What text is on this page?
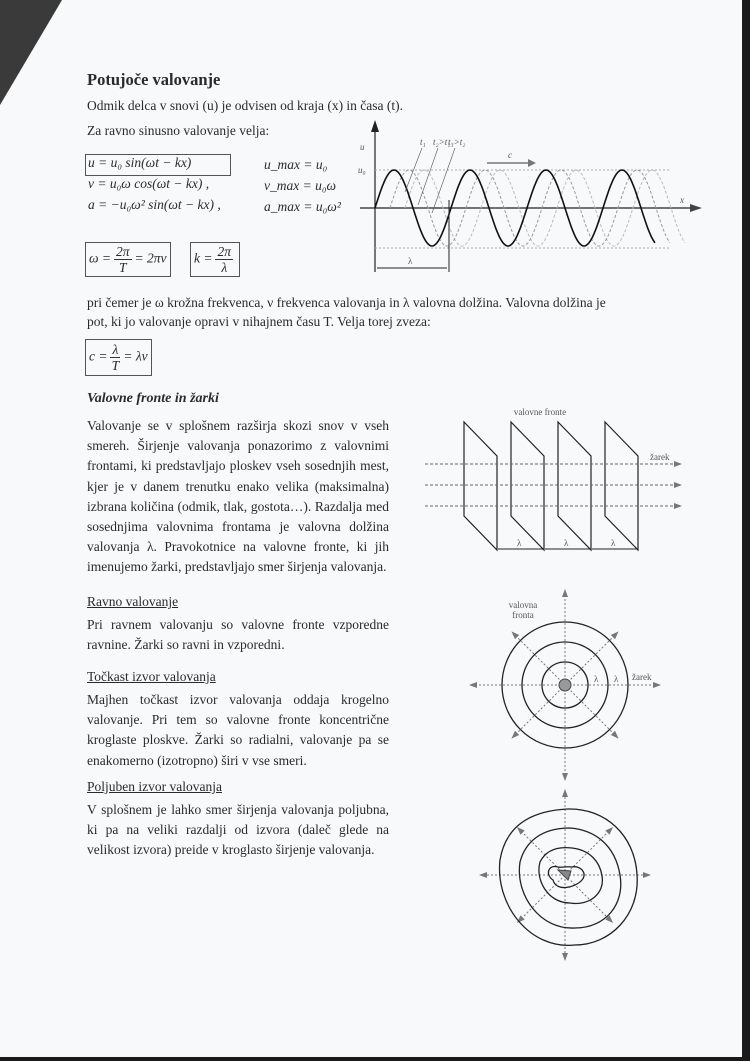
Potujoče valovanje
Odmik delca v snovi (u) je odvisen od kraja (x) in časa (t).
Za ravno sinusno valovanje velja:
u = u₀ sin(ωt − kx)
v = u₀ω cos(ωt − kx) ,
a = −u₀ω² sin(ωt − kx) ,
u_max = u₀
v_max = u₀ω
a_max = u₀ω²
$\omega = \frac{2\pi}{T} = 2\pi\nu$ $k = \frac{2\pi}{\lambda}$
c
u
u₀
x
λ
t₁ t₂>t₁
t₃>t₂
pri čemer je ω krožna frekvenca, ν frekvenca valovanja in λ valovna dolžina. Valovna dolžina je
pot, ki jo valovanje opravi v nihajnem času T. Velja torej zveza:
$c = \frac{\lambda}{T} = \lambda\nu$
Valovne fronte in žarki
Valovanje se v splošnem razširja skozi snov v vseh smereh. Širjenje valovanja ponazorimo z valovnimi frontami, ki predstavljajo ploskev vseh sosednjih mest, kjer je v danem trenutku enako velika (maksimalna) izbrana količina (odmik, tlak, gostota…). Razdalja med sosednjima valovnima frontama je valovna dolžina valovanja λ. Pravokotnice na valovne fronte, ki jih imenujemo žarki, predstavljajo smer širjenja valovanja.
λ	λ	λ
valovne fronte
žarek
Ravno valovanje
Pri ravnem valovanju so valovne fronte vzporedne ravnine. Žarki so ravni in vzporedni.
Točkast izvor valovanja
Majhen točkast izvor valovanja oddaja krogelno valovanje. Pri tem so valovne fronte koncentrične kroglaste ploskve. Žarki so radialni, valovanje pa se enakomerno (izotropno) širi v vse smeri.
Poljuben izvor valovanja
V splošnem je lahko smer širjenja valovanja poljubna, ki pa na veliki razdalji od izvora (daleč glede na velikost izvora) preide v kroglasto širjenje valovanja.
valovna
fronta
žarek
λ λ
